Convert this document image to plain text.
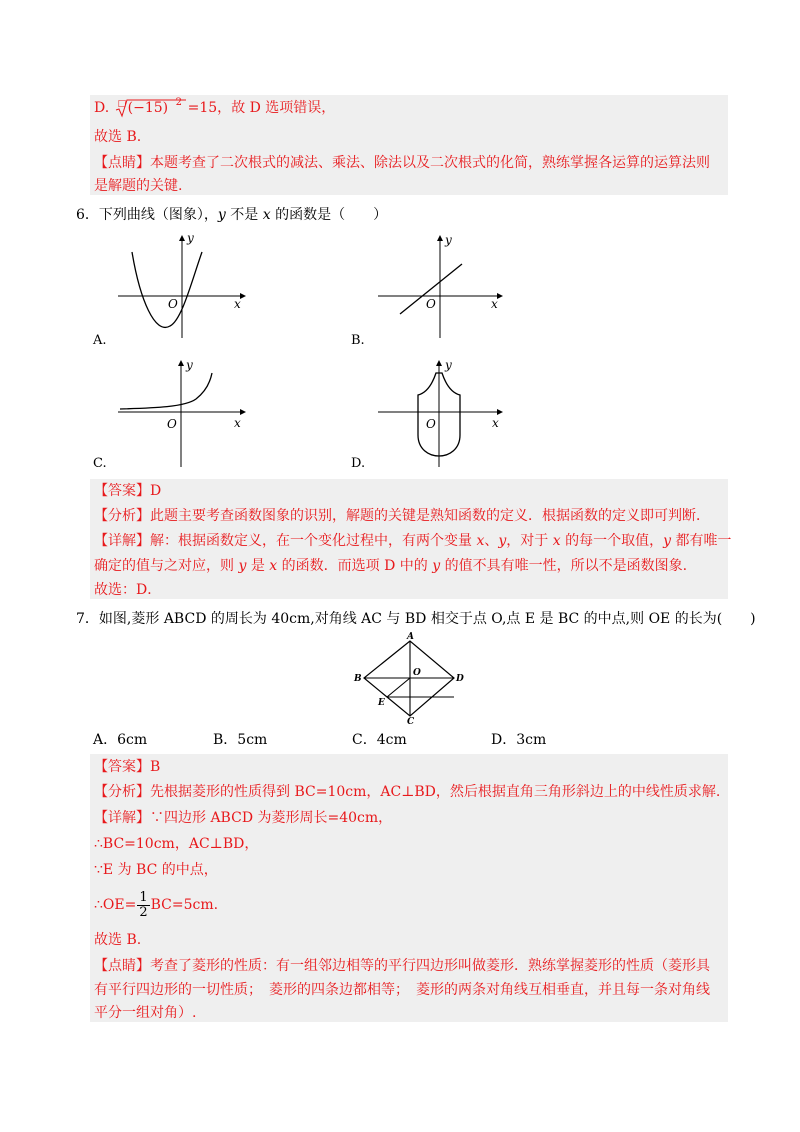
D. □ (−15) 2 =15，故 D 选项错误，
故选 B.
【点睛】本题考查了二次根式的减法、乘法、除法以及二次根式的化简，熟练掌握各运算的运算法则
是解题的关键.
6．下列曲线（图象），y 不是 x 的函数是（　　）
y
x
O
A.
y
x
O
B.
y
x
O
C.
y
x
O
D.
【答案】D
【分析】此题主要考查函数图象的识别，解题的关键是熟知函数的定义．根据函数的定义即可判断．
【详解】解：根据函数定义，在一个变化过程中，有两个变量 x、y，对于 x 的每一个取值，y 都有唯一
确定的值与之对应，则 y 是 x 的函数．而选项 D 中的 y 的值不具有唯一性，所以不是函数图象.
故选：D．
7．如图,菱形 ABCD 的周长为 40cm,对角线 AC 与 BD 相交于点 O,点 E 是 BC 的中点,则 OE 的长为(　　)
A
B
C
D
O
E
A．6cm	B．5cm	C．4cm	D．3cm
【答案】B
【分析】先根据菱形的性质得到 BC=10cm，AC⊥BD，然后根据直角三角形斜边上的中线性质求解.
【详解】∵四边形 ABCD 为菱形周长=40cm，
∴BC=10cm，AC⊥BD，
∵E 为 BC 的中点，
∴OE= $\frac{1}{2} BC=5cm$.
故选 B.
【点睛】考查了菱形的性质：有一组邻边相等的平行四边形叫做菱形．熟练掌握菱形的性质（菱形具
有平行四边形的一切性质；　菱形的四条边都相等；　菱形的两条对角线互相垂直，并且每一条对角线
平分一组对角）.
